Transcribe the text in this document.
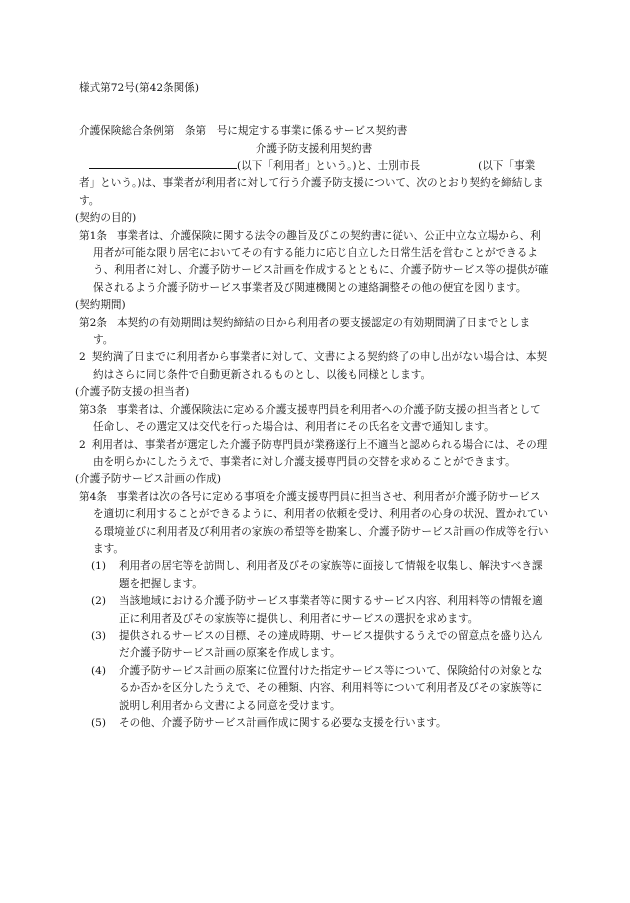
様式第72号(第42条関係)

介護保険総合条例第　条第　号に規定する事業に係るサービス契約書

介護予防支援利用契約書

(以下「利用者」という。)と、士別市長	(以下「事業者」という。)は、事業者が利用者に対して行う介護予防支援について、次のとおり契約を締結します。

(契約の目的)

第1条 事業者は、介護保険に関する法令の趣旨及びこの契約書に従い、公正中立な立場から、利用者が可能な限り居宅においてその有する能力に応じ自立した日常生活を営むことができるよう、利用者に対し、介護予防サービス計画を作成するとともに、介護予防サービス等の提供が確保されるよう介護予防サービス事業者及び関連機関との連絡調整その他の便宜を図ります。

(契約期間)

第2条 本契約の有効期間は契約締結の日から利用者の要支援認定の有効期間満了日までとします。

2 契約満了日までに利用者から事業者に対して、文書による契約終了の申し出がない場合は、本契約はさらに同じ条件で自動更新されるものとし、以後も同様とします。

(介護予防支援の担当者)

第3条 事業者は、介護保険法に定める介護支援専門員を利用者への介護予防支援の担当者として任命し、その選定又は交代を行った場合は、利用者にその氏名を文書で通知します。

2 利用者は、事業者が選定した介護予防専門員が業務遂行上不適当と認められる場合には、その理由を明らかにしたうえで、事業者に対し介護支援専門員の交替を求めることができます。

(介護予防サービス計画の作成)

第4条 事業者は次の各号に定める事項を介護支援専門員に担当させ、利用者が介護予防サービスを適切に利用することができるように、利用者の依頼を受け、利用者の心身の状況、置かれている環境並びに利用者及び利用者の家族の希望等を勘案し、介護予防サービス計画の作成等を行います。

(1) 利用者の居宅等を訪問し、利用者及びその家族等に面接して情報を収集し、解決すべき課題を把握します。

(2) 当該地域における介護予防サービス事業者等に関するサービス内容、利用料等の情報を適正に利用者及びその家族等に提供し、利用者にサービスの選択を求めます。

(3) 提供されるサービスの目標、その達成時期、サービス提供するうえでの留意点を盛り込んだ介護予防サービス計画の原案を作成します。

(4) 介護予防サービス計画の原案に位置付けた指定サービス等について、保険給付の対象となるか否かを区分したうえで、その種類、内容、利用料等について利用者及びその家族等に説明し利用者から文書による同意を受けます。

(5) その他、介護予防サービス計画作成に関する必要な支援を行います。
